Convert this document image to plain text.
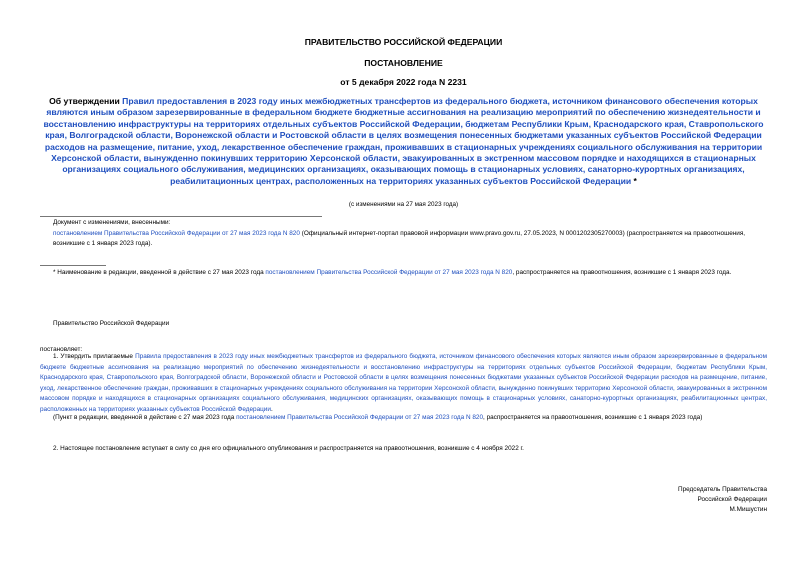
ПРАВИТЕЛЬСТВО РОССИЙСКОЙ ФЕДЕРАЦИИ
ПОСТАНОВЛЕНИЕ
от 5 декабря 2022 года N 2231
Об утверждении Правил предоставления в 2023 году иных межбюджетных трансфертов из федерального бюджета, источником финансового обеспечения которых являются иным образом зарезервированные в федеральном бюджете бюджетные ассигнования на реализацию мероприятий по обеспечению жизнедеятельности и восстановлению инфраструктуры на территориях отдельных субъектов Российской Федерации, бюджетам Республики Крым, Краснодарского края, Ставропольского края, Волгоградской области, Воронежской области и Ростовской области в целях возмещения понесенных бюджетами указанных субъектов Российской Федерации расходов на размещение, питание, уход, лекарственное обеспечение граждан, проживавших в стационарных учреждениях социального обслуживания на территории Херсонской области, вынужденно покинувших территорию Херсонской области, эвакуированных в экстренном массовом порядке и находящихся в стационарных организациях социального обслуживания, медицинских организациях, оказывающих помощь в стационарных условиях, санаторно-курортных организациях, реабилитационных центрах, расположенных на территориях указанных субъектов Российской Федерации *
(с изменениями на 27 мая 2023 года)
Документ с изменениями, внесенными:
постановлением Правительства Российской Федерации от 27 мая 2023 года N 820 (Официальный интернет-портал правовой информации www.pravo.gov.ru, 27.05.2023, N 0001202305270003) (распространяется на правоотношения, возникшие с 1 января 2023 года).
* Наименование в редакции, введенной в действие с 27 мая 2023 года постановлением Правительства Российской Федерации от 27 мая 2023 года N 820, распространяется на правоотношения, возникшие с 1 января 2023 года.
Правительство Российской Федерации
постановляет:
1. Утвердить прилагаемые Правила предоставления в 2023 году иных межбюджетных трансфертов из федерального бюджета, источником финансового обеспечения которых являются иным образом зарезервированные в федеральном бюджете бюджетные ассигнования на реализацию мероприятий по обеспечению жизнедеятельности и восстановлению инфраструктуры на территориях отдельных субъектов Российской Федерации, бюджетам Республики Крым, Краснодарского края, Ставропольского края, Волгоградской области, Воронежской области и Ростовской области в целях возмещения понесенных бюджетами указанных субъектов Российской Федерации расходов на размещение, питание, уход, лекарственное обеспечение граждан, проживавших в стационарных учреждениях социального обслуживания на территории Херсонской области, вынужденно покинувших территорию Херсонской области, эвакуированных в экстренном массовом порядке и находящихся в стационарных организациях социального обслуживания, медицинских организациях, оказывающих помощь в стационарных условиях, санаторно-курортных организациях, реабилитационных центрах, расположенных на территориях указанных субъектов Российской Федерации.
(Пункт в редакции, введенной в действие с 27 мая 2023 года постановлением Правительства Российской Федерации от 27 мая 2023 года N 820, распространяется на правоотношения, возникшие с 1 января 2023 года)
2. Настоящее постановление вступает в силу со дня его официального опубликования и распространяется на правоотношения, возникшие с 4 ноября 2022 г.
Председатель Правительства
Российской Федерации
М.Мишустин
